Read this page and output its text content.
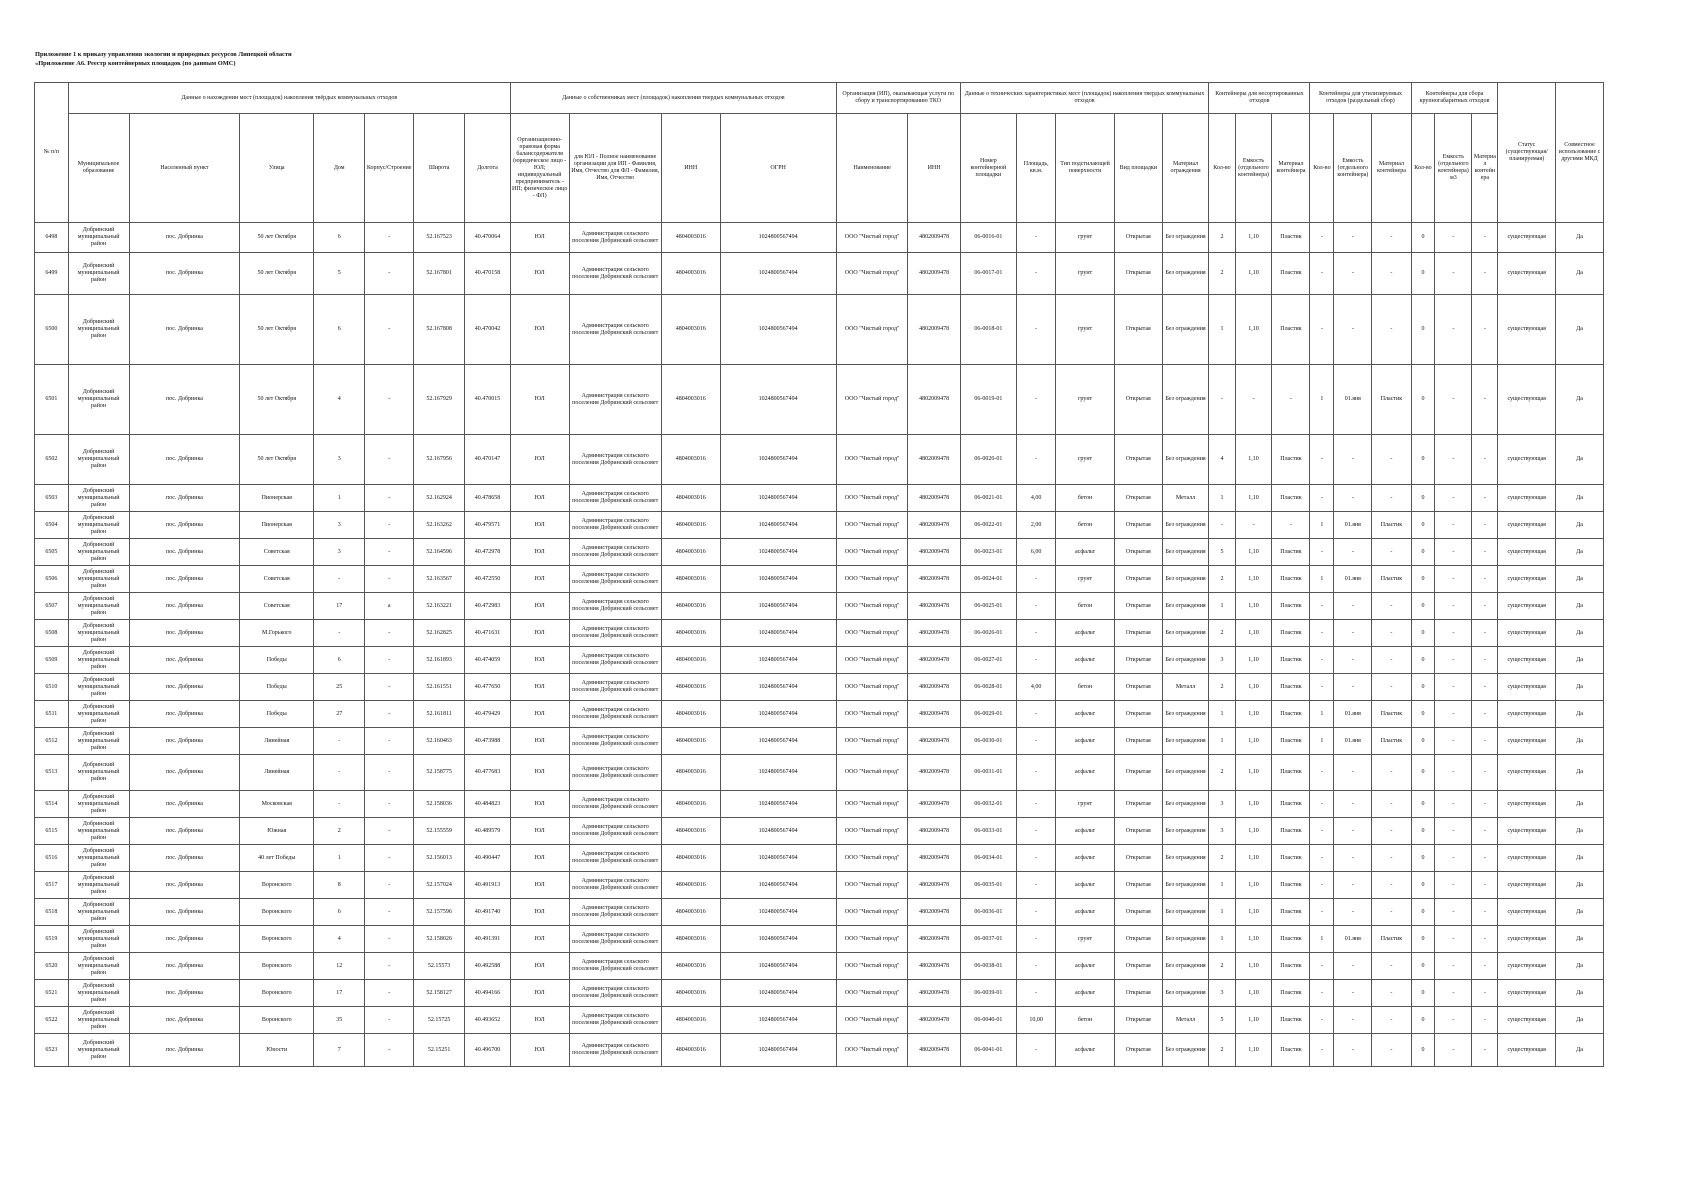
Приложение 1 к приказу управления экологии и природных ресурсов Липецкой области
«Приложение А6. Реестр контейнерных площадок (по данным ОМС)
№ п/п	Данные о нахождении мест (площадок) накопления твёрдых коммунальных отходов							Данные о собственниках мест (площадок) накопления твердых коммунальных отходов				Организация (ИП), оказывающая услуги по сбору и транспортированию ТКО		Данные о технических характеристиках мест (площадок) накопления твердых коммунальных отходов					Контейнеры для несортированных отходов			Контейнеры для утилизируемых отходов (раздельный сбор)			Контейнеры для сбора крупногабаритных отходов			Статус (существующая/ планируемая)	Совместное использование с другими МКД
	Муниципальное образование	Населенный пункт	Улица	Дом	Корпус/Строение	Широта	Долгота	Организационно-правовая форма балансодержателя (юридическое лицо - ЮЛ; индивидуальный предприниматель - ИП; физическое лицо - ФЛ)	для ЮЛ - Полное наименование организации для ИП - Фамилия, Имя, Отчество для ФЛ - Фамилия, Имя, Отчество	ИНН	ОГРН	Наименование	ИНН	Номер контейнерной площадки	Площадь, кв.м.	Тип подстилающей поверхности	Вид площадки	Материал ограждения	Кол-во	Емкость (отдельного контейнера)	Материал контейнера	Кол-во	Емкость (отдельного контейнера)	Материал контейнера	Кол-во	Емкость (отдельного контейнера) м3	Материал контейнера		
6498	Добринский муниципальный район	пос. Добринка	50 лет Октября	6	-	52.167523	40.470064	ЮЛ	Администрация сельского поселения Добринский сельсовет	4804003016	1024800567494	ООО "Чистый город"	4802009478	06-0016-01	-	грунт	Открытая	Без ограждения	2	1,10	Пластик	-	-	-	0	-	-	существующая	Да
6499	Добринский муниципальный район	пос. Добринка	50 лет Октября	5	-	52.167801	40.470158	ЮЛ	Администрация сельского поселения Добринский сельсовет	4804003016	1024800567494	ООО "Чистый город"	4802009478	06-0017-01	-	грунт	Открытая	Без ограждения	2	1,10	Пластик	-	-	-	0	-	-	существующая	Да
6500	Добринский муниципальный район	пос. Добринка	50 лет Октября	6	-	52.167808	40.470042	ЮЛ	Администрация сельского поселения Добринский сельсовет	4804003016	1024800567494	ООО "Чистый город"	4802009478	06-0018-01	-	грунт	Открытая	Без ограждения	1	1,10	Пластик	-	-	-	0	-	-	существующая	Да
6501	Добринский муниципальный район	пос. Добринка	50 лет Октября	4	-	52.167929	40.470015	ЮЛ	Администрация сельского поселения Добринский сельсовет	4804003016	1024800567494	ООО "Чистый город"	4802009478	06-0019-01	-	грунт	Открытая	Без ограждения	-	-	-	1	01.янв	Пластик	0	-	-	существующая	Да
6502	Добринский муниципальный район	пос. Добринка	50 лет Октября	3	-	52.167956	40.470147	ЮЛ	Администрация сельского поселения Добринский сельсовет	4804003016	1024800567494	ООО "Чистый город"	4802009478	06-0020-01	-	грунт	Открытая	Без ограждения	4	1,10	Пластик	-	-	-	0	-	-	существующая	Да
6503	Добринский муниципальный район	пос. Добринка	Пионерская	1	-	52.162924	40.478658	ЮЛ	Администрация сельского поселения Добринский сельсовет	4804003016	1024800567494	ООО "Чистый город"	4802009478	06-0021-01	4,00	бетон	Открытая	Металл	1	1,10	Пластик	-	-	-	0	-	-	существующая	Да
6504	Добринский муниципальный район	пос. Добринка	Пионерская	3	-	52.163262	40.479571	ЮЛ	Администрация сельского поселения Добринский сельсовет	4804003016	1024800567494	ООО "Чистый город"	4802009478	06-0022-01	2,00	бетон	Открытая	Без ограждения	-	-	-	1	01.янв	Пластик	0	-	-	существующая	Да
6505	Добринский муниципальный район	пос. Добринка	Советская	3	-	52.164596	40.472978	ЮЛ	Администрация сельского поселения Добринский сельсовет	4804003016	1024800567494	ООО "Чистый город"	4802009478	06-0023-01	6,00	асфальт	Открытая	Без ограждения	5	1,10	Пластик	-	-	-	0	-	-	существующая	Да
6506	Добринский муниципальный район	пос. Добринка	Советская	-	-	52.163567	40.472550	ЮЛ	Администрация сельского поселения Добринский сельсовет	4804003016	1024800567494	ООО "Чистый город"	4802009478	06-0024-01	-	грунт	Открытая	Без ограждения	2	1,10	Пластик	1	01.янв	Пластик	0	-	-	существующая	Да
6507	Добринский муниципальный район	пос. Добринка	Советская	17	а	52.163221	40.472983	ЮЛ	Администрация сельского поселения Добринский сельсовет	4804003016	1024800567494	ООО "Чистый город"	4802009478	06-0025-01	-	бетон	Открытая	Без ограждения	1	1,10	Пластик	-	-	-	0	-	-	существующая	Да
6508	Добринский муниципальный район	пос. Добринка	М.Горького	-	-	52.162825	40.471631	ЮЛ	Администрация сельского поселения Добринский сельсовет	4804003016	1024800567494	ООО "Чистый город"	4802009478	06-0026-01	-	асфальт	Открытая	Без ограждения	2	1,10	Пластик	-	-	-	0	-	-	существующая	Да
6509	Добринский муниципальный район	пос. Добринка	Победы	6	-	52.161893	40.474059	ЮЛ	Администрация сельского поселения Добринский сельсовет	4804003016	1024800567494	ООО "Чистый город"	4802009478	06-0027-01	-	асфальт	Открытая	Без ограждения	3	1,10	Пластик	-	-	-	0	-	-	существующая	Да
6510	Добринский муниципальный район	пос. Добринка	Победы	25	-	52.161551	40.477650	ЮЛ	Администрация сельского поселения Добринский сельсовет	4804003016	1024800567494	ООО "Чистый город"	4802009478	06-0028-01	4,00	бетон	Открытая	Металл	2	1,10	Пластик	-	-	-	0	-	-	существующая	Да
6511	Добринский муниципальный район	пос. Добринка	Победы	27	-	52.161811	40.479429	ЮЛ	Администрация сельского поселения Добринский сельсовет	4804003016	1024800567494	ООО "Чистый город"	4802009478	06-0029-01	-	асфальт	Открытая	Без ограждения	1	1,10	Пластик	1	01.янв	Пластик	0	-	-	существующая	Да
6512	Добринский муниципальный район	пос. Добринка	Линейная	-	-	52.160463	40.473988	ЮЛ	Администрация сельского поселения Добринский сельсовет	4804003016	1024800567494	ООО "Чистый город"	4802009478	06-0030-01	-	асфальт	Открытая	Без ограждения	1	1,10	Пластик	1	01.янв	Пластик	0	-	-	существующая	Да
6513	Добринский муниципальный район	пос. Добринка	Линейная	-	-	52.158775	40.477683	ЮЛ	Администрация сельского поселения Добринский сельсовет	4804003016	1024800567494	ООО "Чистый город"	4802009478	06-0031-01	-	асфальт	Открытая	Без ограждения	2	1,10	Пластик	-	-	-	0	-	-	существующая	Да
6514	Добринский муниципальный район	пос. Добринка	Московская	-	-	52.158036	40.484823	ЮЛ	Администрация сельского поселения Добринский сельсовет	4804003016	1024800567494	ООО "Чистый город"	4802009478	06-0032-01	-	грунт	Открытая	Без ограждения	3	1,10	Пластик	-	-	-	0	-	-	существующая	Да
6515	Добринский муниципальный район	пос. Добринка	Южная	2	-	52.155559	40.489579	ЮЛ	Администрация сельского поселения Добринский сельсовет	4804003016	1024800567494	ООО "Чистый город"	4802009478	06-0033-01	-	асфальт	Открытая	Без ограждения	3	1,10	Пластик	-	-	-	0	-	-	существующая	Да
6516	Добринский муниципальный район	пос. Добринка	40 лет Победы	1	-	52.156013	40.490447	ЮЛ	Администрация сельского поселения Добринский сельсовет	4804003016	1024800567494	ООО "Чистый город"	4802009478	06-0034-01	-	асфальт	Открытая	Без ограждения	2	1,10	Пластик	-	-	-	0	-	-	существующая	Да
6517	Добринский муниципальный район	пос. Добринка	Воронского	8	-	52.157024	40.491913	ЮЛ	Администрация сельского поселения Добринский сельсовет	4804003016	1024800567494	ООО "Чистый город"	4802009478	06-0035-01	-	асфальт	Открытая	Без ограждения	1	1,10	Пластик	-	-	-	0	-	-	существующая	Да
6518	Добринский муниципальный район	пос. Добринка	Воронского	6	-	52.157596	40.491740	ЮЛ	Администрация сельского поселения Добринский сельсовет	4804003016	1024800567494	ООО "Чистый город"	4802009478	06-0036-01	-	асфальт	Открытая	Без ограждения	1	1,10	Пластик	-	-	-	0	-	-	существующая	Да
6519	Добринский муниципальный район	пос. Добринка	Воронского	4	-	52.158026	40.491391	ЮЛ	Администрация сельского поселения Добринский сельсовет	4804003016	1024800567494	ООО "Чистый город"	4802009478	06-0037-01	-	грунт	Открытая	Без ограждения	1	1,10	Пластик	1	01.янв	Пластик	0	-	-	существующая	Да
6520	Добринский муниципальный район	пос. Добринка	Воронского	12	-	52.15573	40.492588	ЮЛ	Администрация сельского поселения Добринский сельсовет	4804003016	1024800567494	ООО "Чистый город"	4802009478	06-0038-01	-	асфальт	Открытая	Без ограждения	2	1,10	Пластик	-	-	-	0	-	-	существующая	Да
6521	Добринский муниципальный район	пос. Добринка	Воронского	17	-	52.158127	40.494166	ЮЛ	Администрация сельского поселения Добринский сельсовет	4804003016	1024800567494	ООО "Чистый город"	4802009478	06-0039-01	-	асфальт	Открытая	Без ограждения	3	1,10	Пластик	-	-	-	0	-	-	существующая	Да
6522	Добринский муниципальный район	пос. Добринка	Воронского	35	-	52.15725	40.493652	ЮЛ	Администрация сельского поселения Добринский сельсовет	4804003016	1024800567494	ООО "Чистый город"	4802009478	06-0040-01	10,00	бетон	Открытая	Металл	5	1,10	Пластик	-	-	-	0	-	-	существующая	Да
6523	Добринский муниципальный район	пос. Добринка	Юности	7	-	52.15251	40.496700	ЮЛ	Администрация сельского поселения Добринский сельсовет	4804003016	1024800567494	ООО "Чистый город"	4802009478	06-0041-01	-	асфальт	Открытая	Без ограждения	2	1,10	Пластик	-	-	-	0	-	-	существующая	Да
